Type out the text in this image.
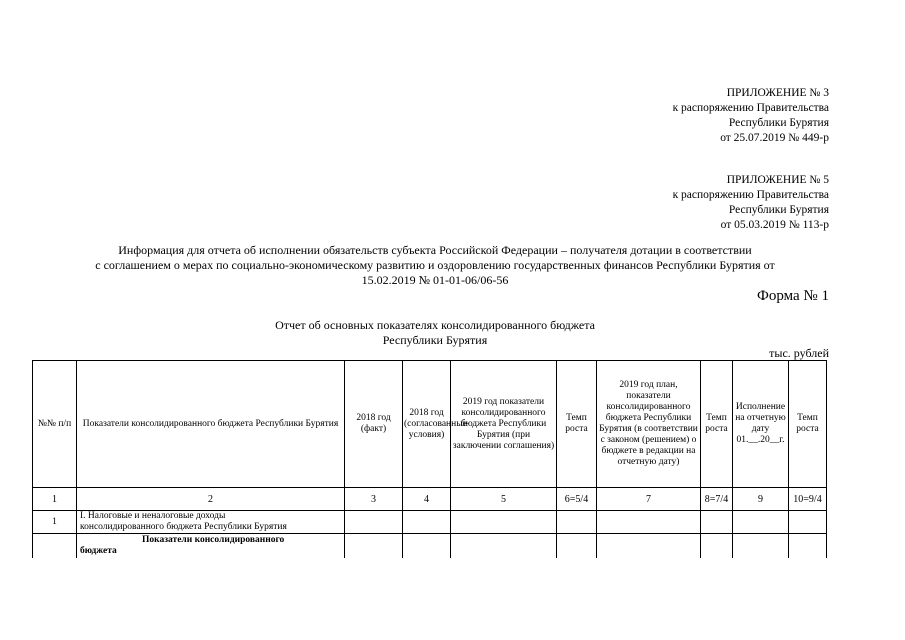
ПРИЛОЖЕНИЕ № 3
к распоряжению Правительства
Республики Бурятия
от 25.07.2019 № 449-р
ПРИЛОЖЕНИЕ № 5
к распоряжению Правительства
Республики Бурятия
от 05.03.2019 № 113-р
Информация для отчета об исполнении обязательств субъекта Российской Федерации – получателя дотации в соответствии
с соглашением о мерах по социально-экономическому развитию и оздоровлению государственных финансов Республики Бурятия от
15.02.2019 № 01-01-06/06-56
Форма № 1
Отчет об основных показателях консолидированного бюджета
Республики Бурятия
тыс. рублей
№№ п/п	Показатели консолидированного бюджета Республики Бурятия	2018 год (факт)	2018 год (согласованные условия)	2019 год показатели консолидированного бюджета Республики Бурятия (при заключении соглашения)	Темп роста	2019 год план, показатели консолидированного бюджета Республики Бурятия (в соответствии с законом (решением) о бюджете в редакции на отчетную дату)	Темп роста	Исполнение на отчетную дату 01.__.20__г.	Темп роста
1	2	3	4	5	6=5/4	7	8=7/4	9	10=9/4
1	I. Налоговые и неналоговые доходы
консолидированного бюджета Республики Бурятия								

	Показатели консолидированного
бюджета								
